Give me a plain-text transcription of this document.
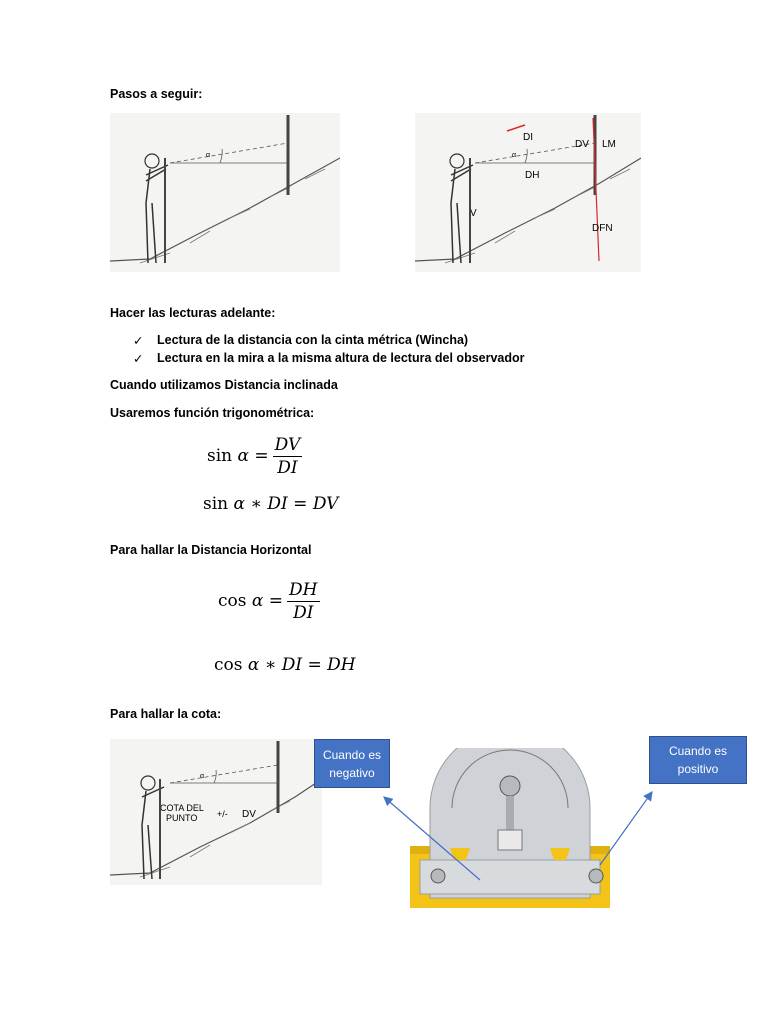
Pasos a seguir:
α	α
DI
DV LM
DH
V
DFN
Hacer las lecturas adelante:
✓ Lectura de la distancia con la cinta métrica (Wincha)
✓ Lectura en la mira a la misma altura de lectura del observador
Cuando utilizamos Distancia inclinada
Usaremos función trigonométrica:
$\sin \alpha = \frac{DV}{DI}$
sin α ∗ DI = DV
Para hallar la Distancia Horizontal
$\cos \alpha = \frac{DH}{DI}$
cos α ∗ DI = DH
Para hallar la cota:
α
COTA DEL
PUNTO +/- DV
Cuando es
negativo
Cuando es
positivo
